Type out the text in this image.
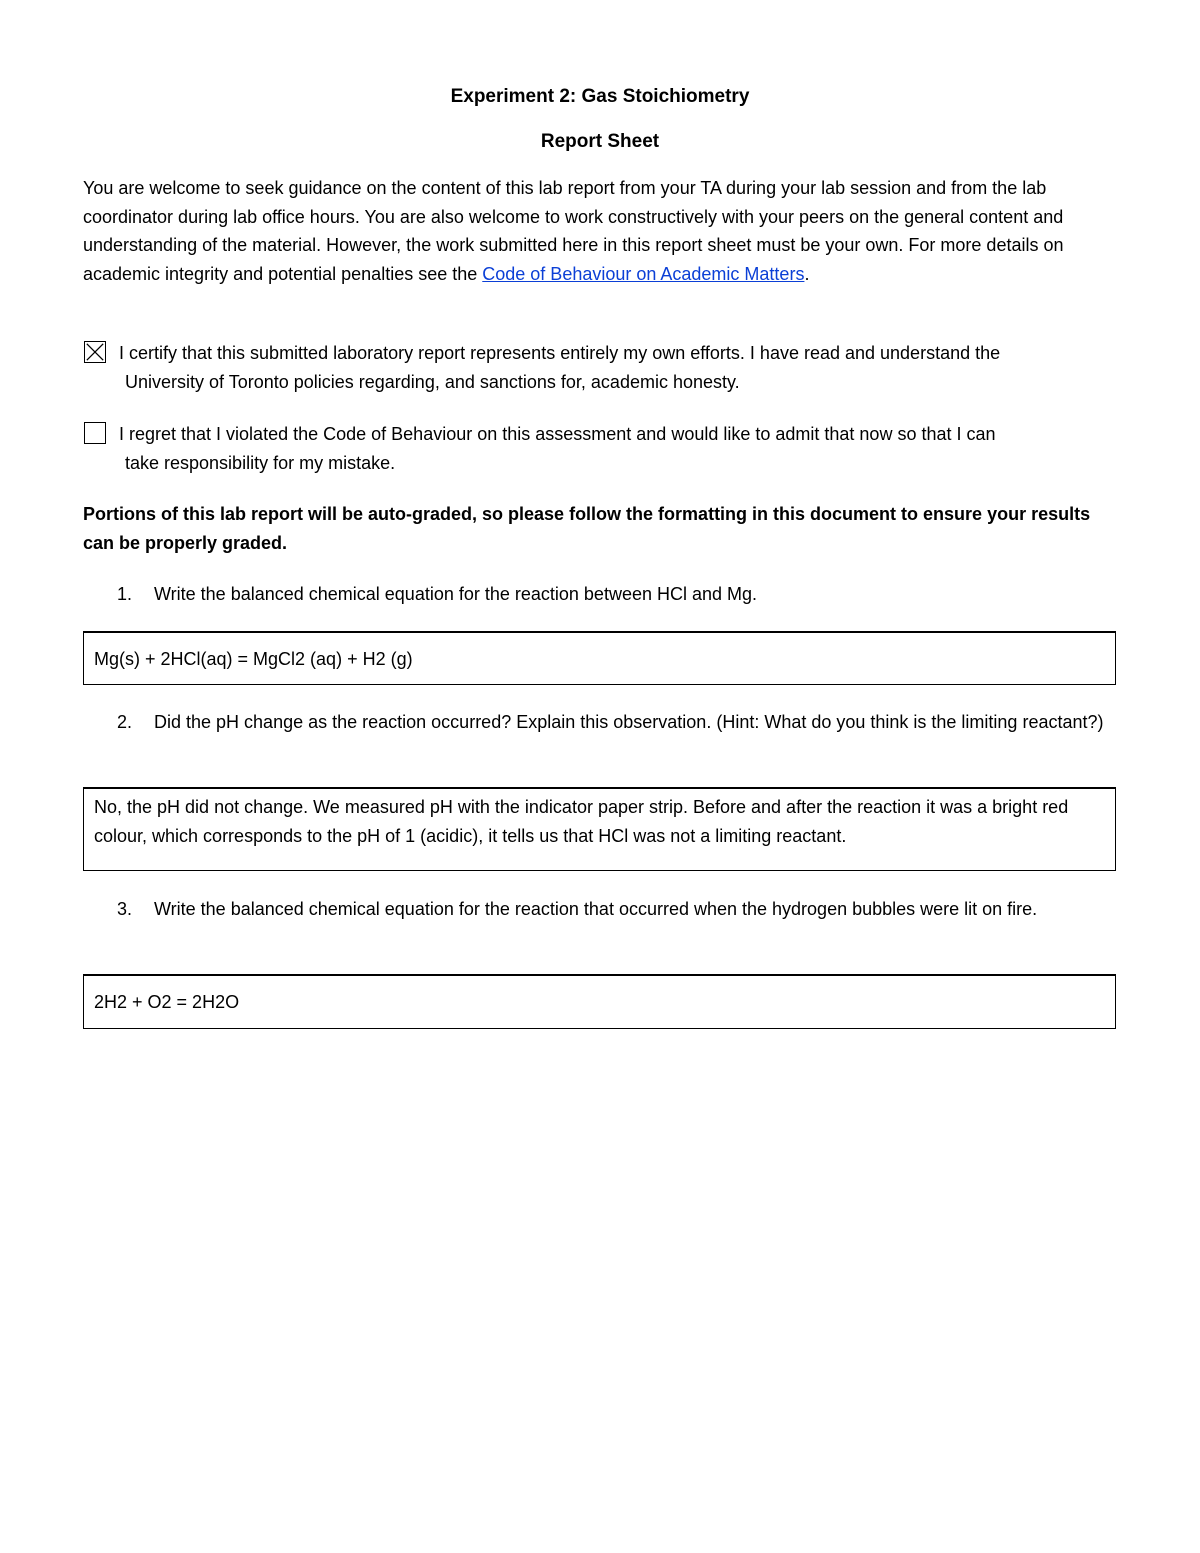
Experiment 2: Gas Stoichiometry
Report Sheet
You are welcome to seek guidance on the content of this lab report from your TA during your lab session and from the lab coordinator during lab office hours. You are also welcome to work constructively with your peers on the general content and understanding of the material. However, the work submitted here in this report sheet must be your own. For more details on academic integrity and potential penalties see the Code of Behaviour on Academic Matters.
I certify that this submitted laboratory report represents entirely my own efforts. I have read and understand the
University of Toronto policies regarding, and sanctions for, academic honesty.
I regret that I violated the Code of Behaviour on this assessment and would like to admit that now so that I can
take responsibility for my mistake.
Portions of this lab report will be auto-graded, so please follow the formatting in this document to ensure your results can be properly graded.
1.	Write the balanced chemical equation for the reaction between HCl and Mg.
Mg(s) + 2HCl(aq) = MgCl2 (aq) + H2 (g)
2.	Did the pH change as the reaction occurred? Explain this observation. (Hint: What do you think is the limiting reactant?)
No, the pH did not change. We measured pH with the indicator paper strip. Before and after the reaction it was a bright red colour, which corresponds to the pH of 1 (acidic), it tells us that HCl was not a limiting reactant.
3.	Write the balanced chemical equation for the reaction that occurred when the hydrogen bubbles were lit on fire.
2H2 + O2 = 2H2O
